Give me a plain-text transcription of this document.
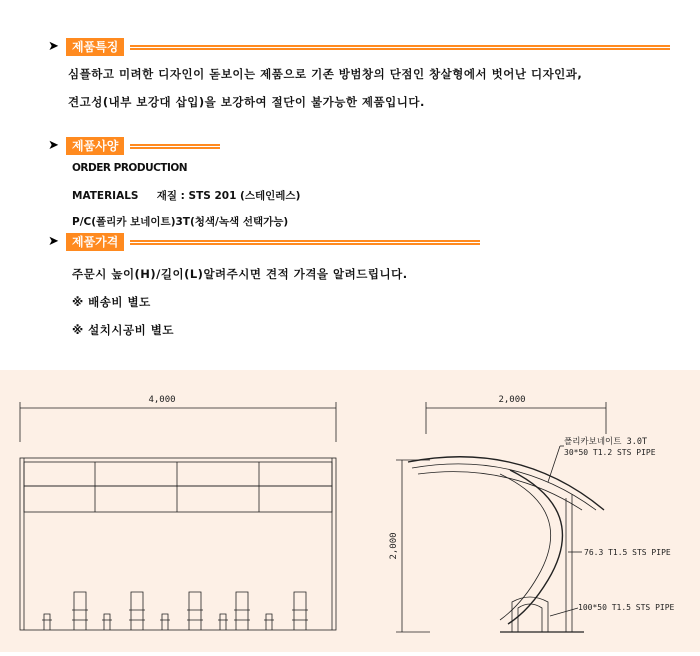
➤	제품특징
심플하고 미려한 디자인이 돋보이는 제품으로 기존 방범창의 단점인 창살형에서 벗어난 디자인과,
견고성(내부 보강대 삽입)을 보강하여 절단이 불가능한 제품입니다.
➤	제품사양
ORDER PRODUCTION
MATERIALS     재질 : STS 201 (스테인레스)
P/C(폴리카 보네이트)3T(청색/녹색 선택가능)
➤	제품가격
주문시 높이(H)/길이(L)알려주시면 견적 가격을 알려드립니다.
※ 배송비 별도
※ 설치시공비 별도
4,000	2,000
2,000
폴리카보네이트 3.0T
30*50 T1.2 STS PIPE
76.3 T1.5 STS PIPE
100*50 T1.5 STS PIPE
